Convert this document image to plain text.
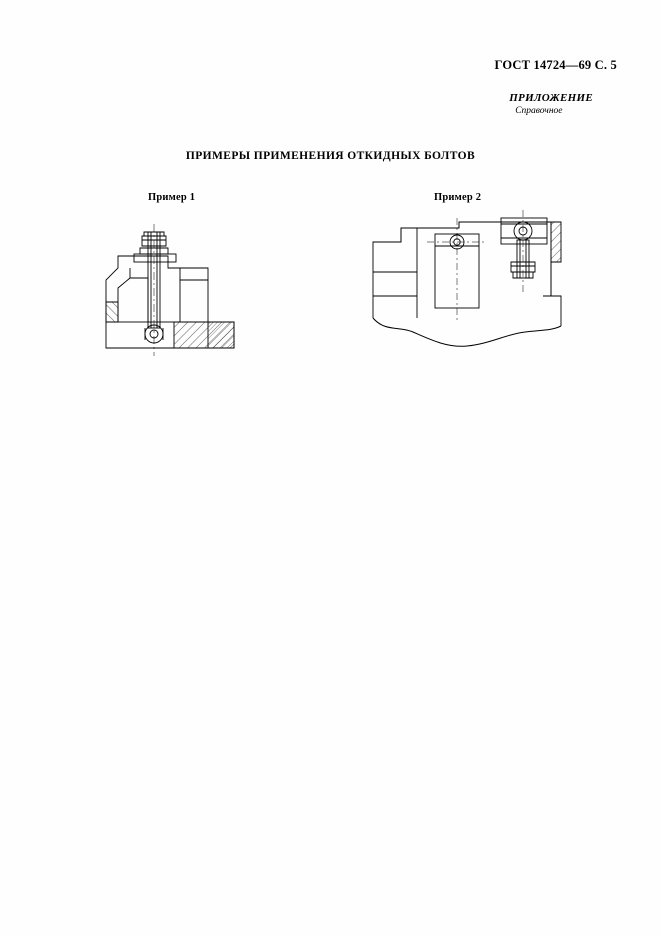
ГОСТ 14724—69 С. 5
ПРИЛОЖЕНИЕ
Справочное
ПРИМЕРЫ ПРИМЕНЕНИЯ ОТКИДНЫХ БОЛТОВ
Пример 1	Пример 2
